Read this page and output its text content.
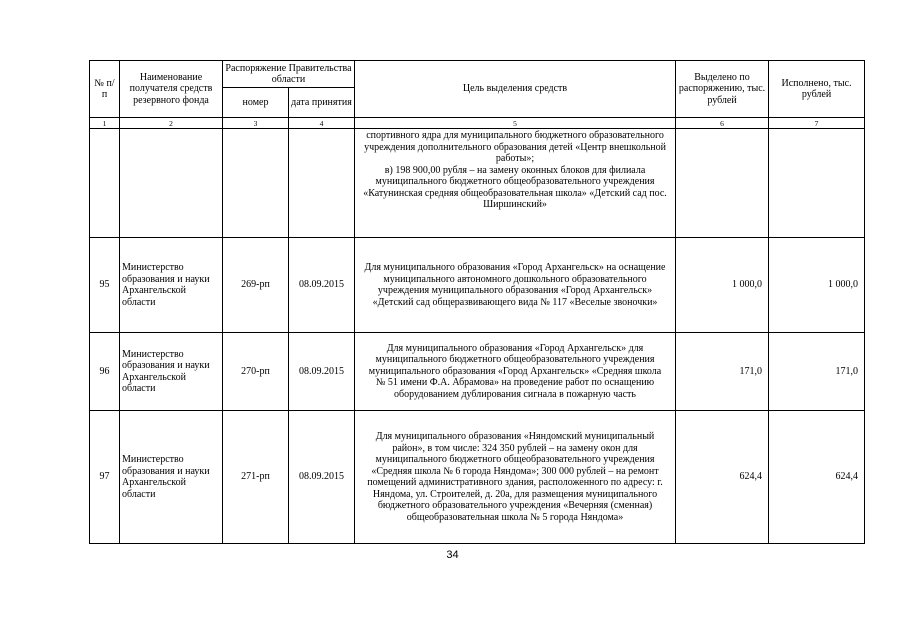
№ п/п	Наименование получателя средств резервного фонда	Распоряжение Правительства области		Цель выделения средств	Выделено по распоряжению, тыс. рублей	Исполнено, тыс. рублей
		номер	дата принятия			
1	2	3	4	5	6	7
				спортивного ядра для муниципального бюджетного образовательного учреждения дополнительного образования детей «Центр внешкольной работы»;
в) 198 900,00 рубля – на замену оконных блоков для филиала муниципального бюджетного общеобразовательного учреждения «Катунинская средняя общеобразовательная школа» «Детский сад пос. Ширшинский»		
95	Министерство образования и науки Архангельской области	269-рп	08.09.2015	Для муниципального образования «Город Архангельск» на оснащение муниципального автономного дошкольного образовательного учреждения муниципального образования «Город Архангельск» «Детский сад общеразвивающего вида № 117 «Веселые звоночки»	1 000,0	1 000,0
96	Министерство образования и науки Архангельской области	270-рп	08.09.2015	Для муниципального образования «Город Архангельск» для муниципального бюджетного общеобразовательного учреждения муниципального образования «Город Архангельск» «Средняя школа № 51 имени Ф.А. Абрамова» на проведение работ по оснащению оборудованием дублирования сигнала в пожарную часть	171,0	171,0
97	Министерство образования и науки Архангельской области	271-рп	08.09.2015	Для муниципального образования «Няндомский муниципальный район», в том числе: 324 350 рублей – на замену окон для муниципального бюджетного общеобразовательного учреждения «Средняя школа № 6 города Няндома»; 300 000 рублей – на ремонт помещений административного здания, расположенного по адресу: г. Няндома, ул. Строителей, д. 20а, для размещения муниципального бюджетного образовательного учреждения «Вечерняя (сменная) общеобразовательная школа № 5 города Няндома»	624,4	624,4
34
